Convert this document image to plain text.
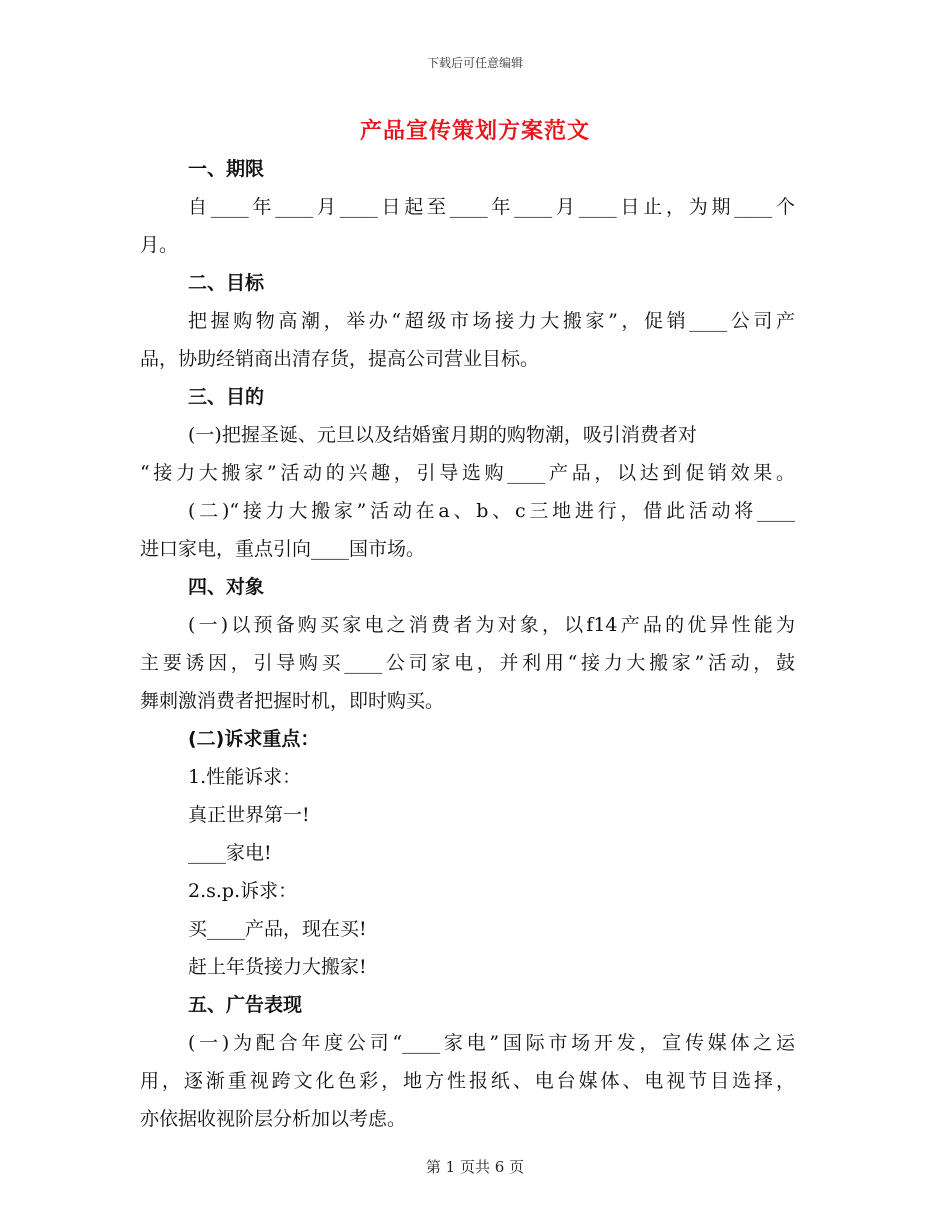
下载后可任意编辑
产品宣传策划方案范文
一、期限
自____年____月____日起至____年____月____日止，为期____个
月。
二、目标
把握购物高潮，举办“超级市场接力大搬家”，促销____公司产
品，协助经销商出清存货，提高公司营业目标。
三、目的
(一)把握圣诞、元旦以及结婚蜜月期的购物潮，吸引消费者对
“接力大搬家”活动的兴趣，引导选购____产品，以达到促销效果。
(二)“接力大搬家”活动在a、b、c三地进行，借此活动将____
进口家电，重点引向____国市场。
四、对象
(一)以预备购买家电之消费者为对象，以f14产品的优异性能为
主要诱因，引导购买____公司家电，并利用“接力大搬家”活动，鼓
舞刺激消费者把握时机，即时购买。
(二)诉求重点：
1.性能诉求：
真正世界第一!
____家电!
2.s.p.诉求：
买____产品，现在买!
赶上年货接力大搬家!
五、广告表现
(一)为配合年度公司“____家电”国际市场开发，宣传媒体之运
用，逐渐重视跨文化色彩，地方性报纸、电台媒体、电视节目选择，
亦依据收视阶层分析加以考虑。
第 1 页共 6 页
